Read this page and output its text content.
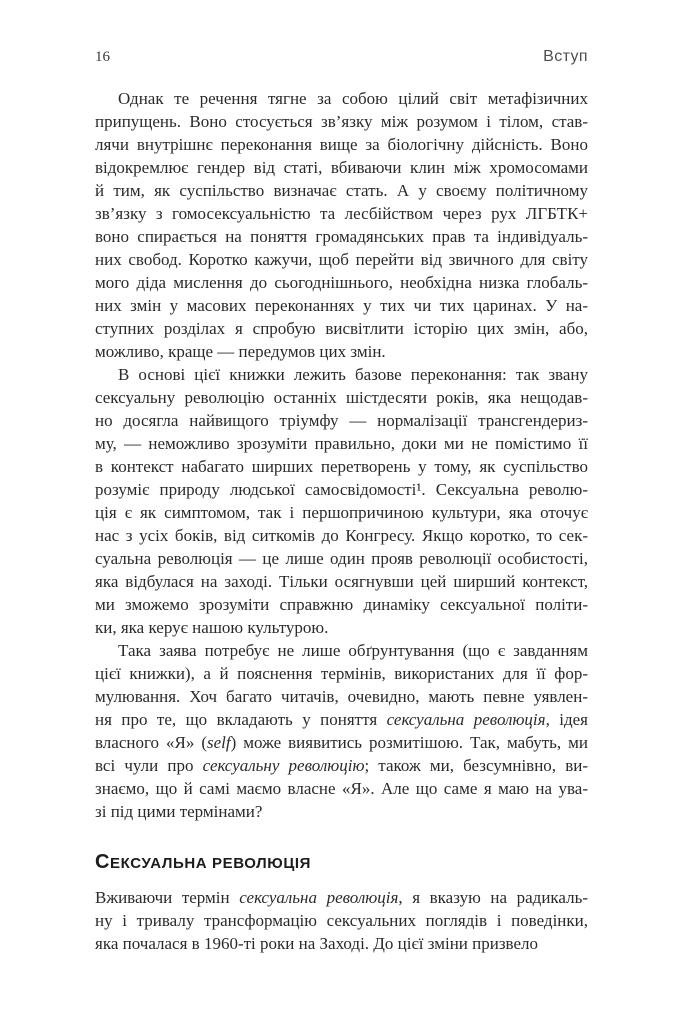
16	Вступ
Однак те речення тягне за собою цілий світ метафізичних
припущень. Воно стосується зв’язку між розумом і тілом, став-
лячи внутрішнє переконання вище за біологічну дійсність. Воно
відокремлює гендер від статі, вбиваючи клин між хромосомами
й тим, як суспільство визначає стать. А у своєму політичному
зв’язку з гомосексуальністю та лесбійством через рух ЛГБТК+
воно спирається на поняття громадянських прав та індивідуаль-
них свобод. Коротко кажучи, щоб перейти від звичного для світу
мого діда мислення до сьогоднішнього, необхідна низка глобаль-
них змін у масових переконаннях у тих чи тих царинах. У на-
ступних розділах я спробую висвітлити історію цих змін, або,
можливо, краще — передумов цих змін.
В основі цієї книжки лежить базове переконання: так звану
сексуальну революцію останніх шістдесяти років, яка нещодав-
но досягла найвищого тріумфу — нормалізації трансгендериз-
му, — неможливо зрозуміти правильно, доки ми не помістимо її
в контекст набагато ширших перетворень у тому, як суспільство
розуміє природу людської самосвідомості¹. Сексуальна револю-
ція є як симптомом, так і першопричиною культури, яка оточує
нас з усіх боків, від ситкомів до Конгресу. Якщо коротко, то сек-
суальна революція — це лише один прояв революції особистості,
яка відбулася на заході. Тільки осягнувши цей ширший контекст,
ми зможемо зрозуміти справжню динаміку сексуальної політи-
ки, яка керує нашою культурою.
Така заява потребує не лише обґрунтування (що є завданням
цієї книжки), а й пояснення термінів, використаних для її фор-
мулювання. Хоч багато читачів, очевидно, мають певне уявлен-
ня про те, що вкладають у поняття сексуальна революція, ідея
власного «Я» (self) може виявитись розмитішою. Так, мабуть, ми
всі чули про сексуальну революцію; також ми, безсумнівно, ви-
знаємо, що й самі маємо власне «Я». Але що саме я маю на ува-
зі під цими термінами?
СЕКСУАЛЬНА РЕВОЛЮЦІЯ
Вживаючи термін сексуальна революція, я вказую на радикаль-
ну і тривалу трансформацію сексуальних поглядів і поведінки,
яка почалася в 1960-ті роки на Заході. До цієї зміни призвело
